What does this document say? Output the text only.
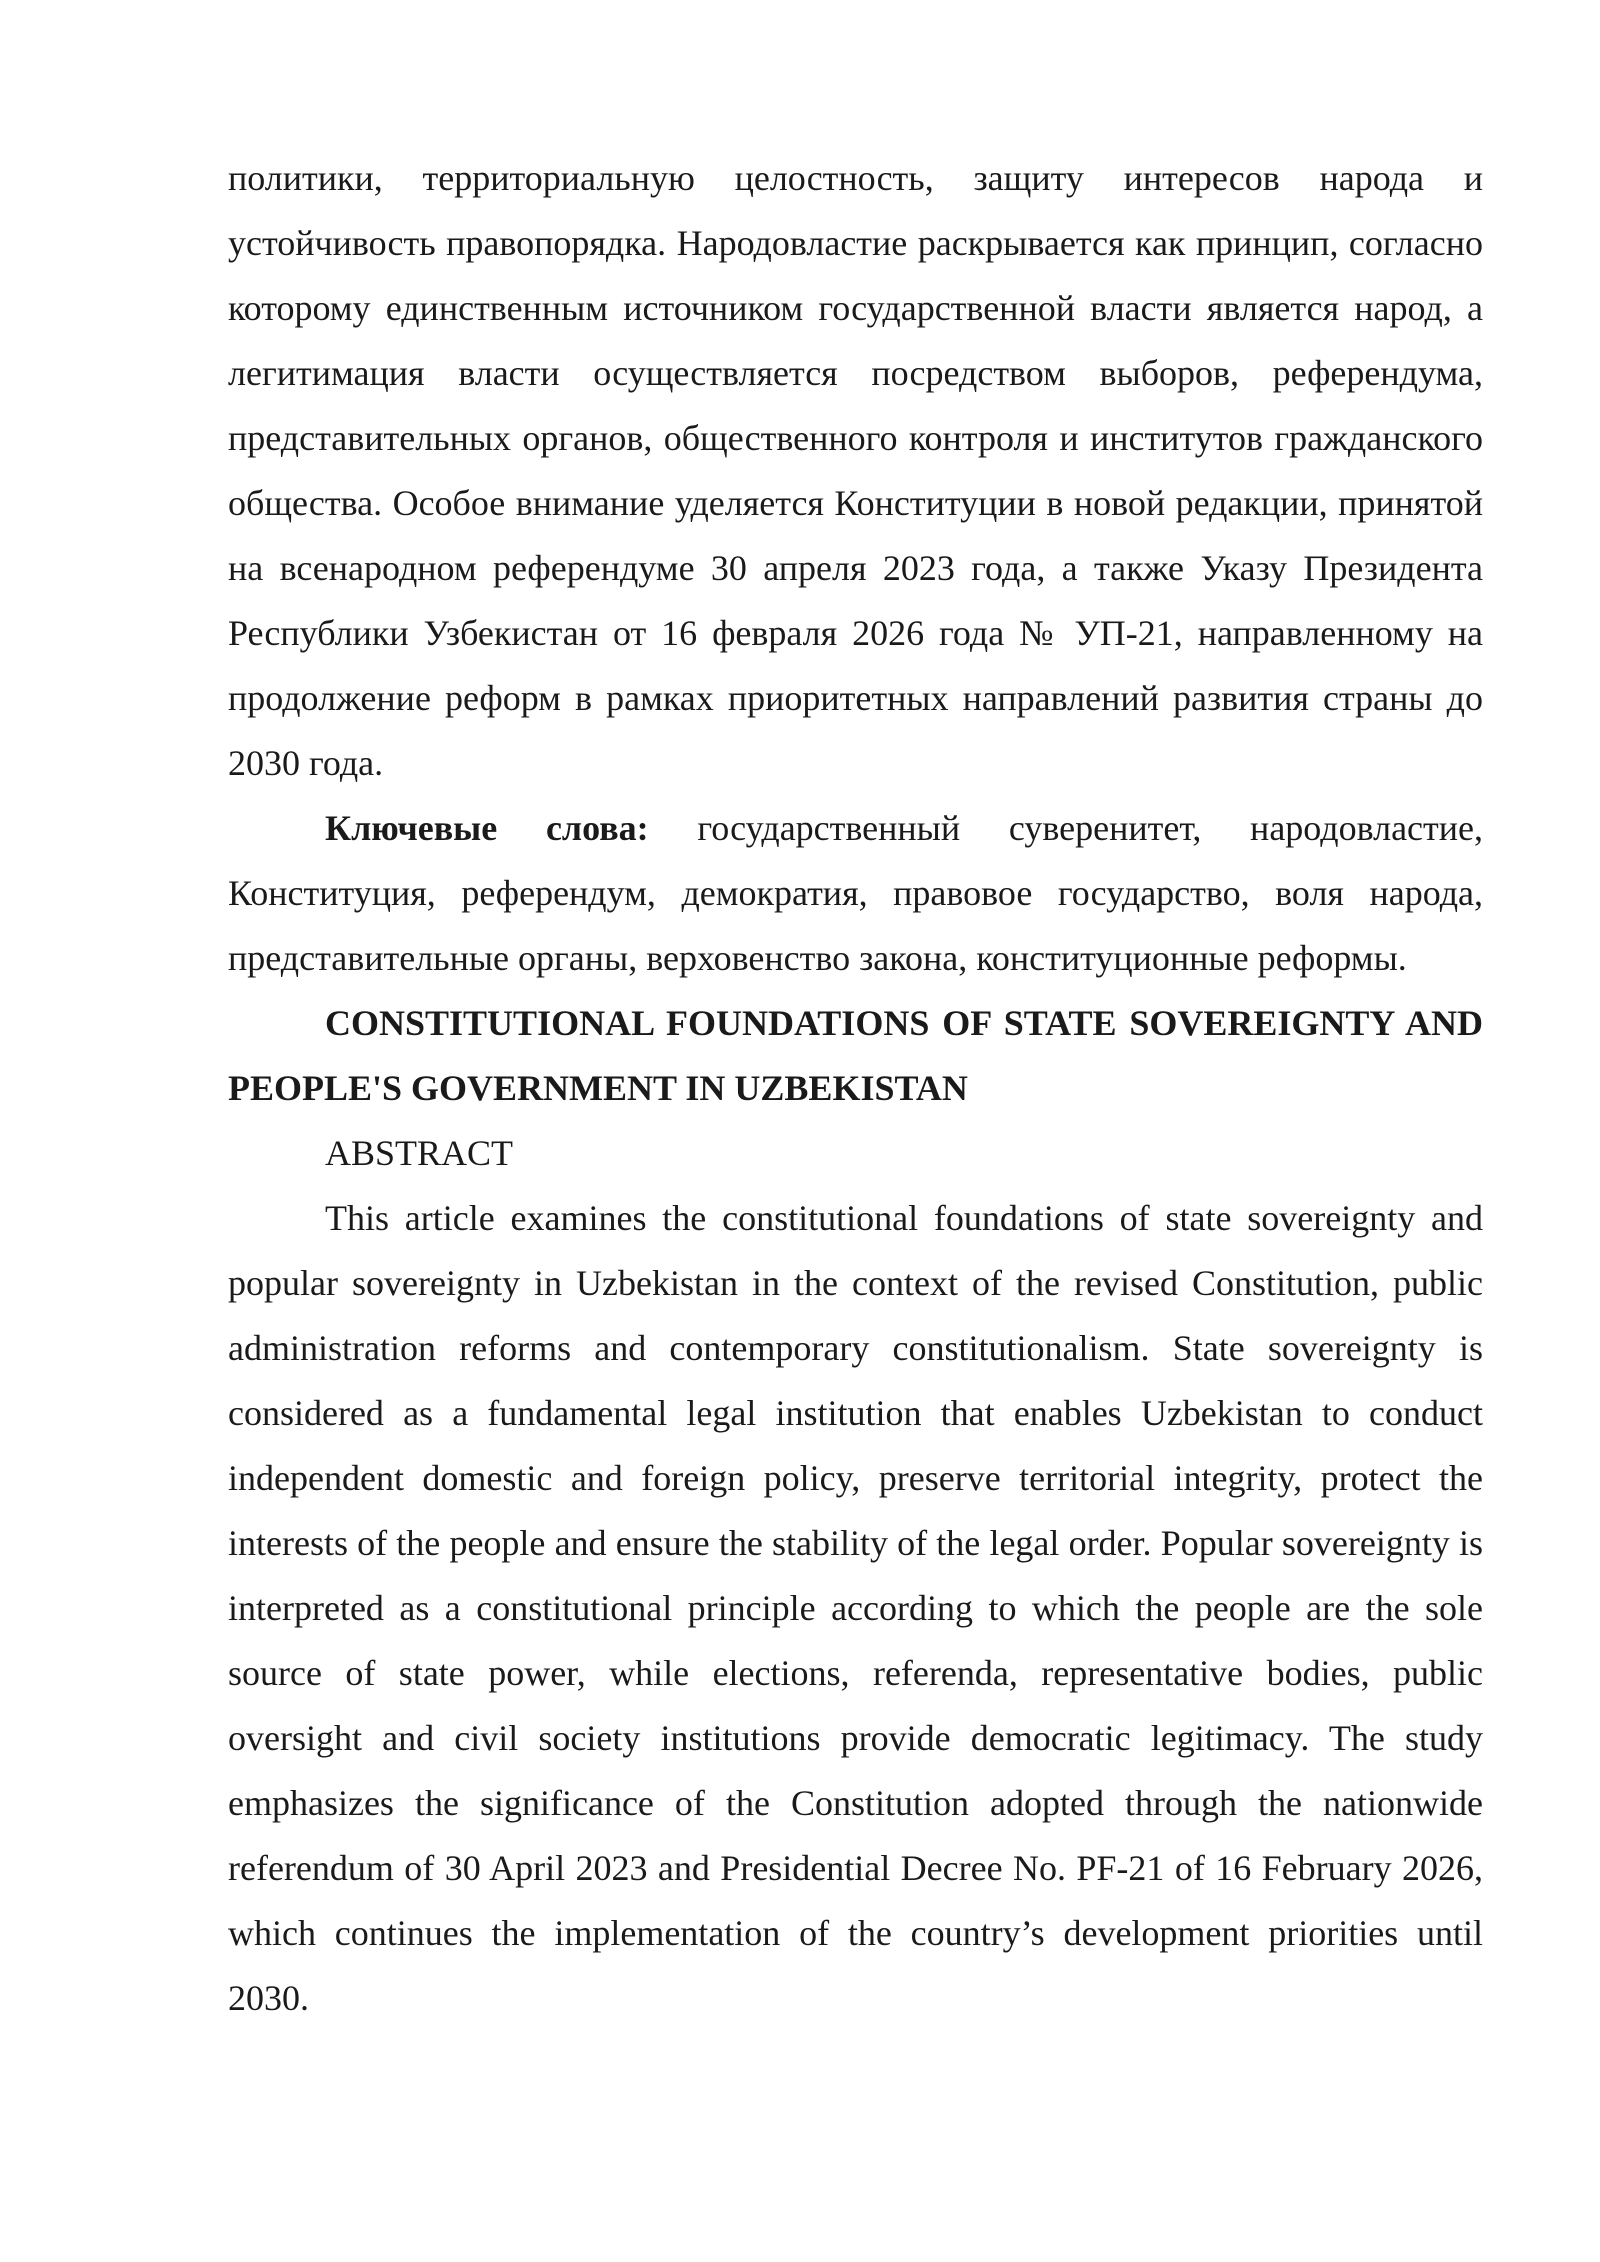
политики, территориальную целостность, защиту интересов народа и устойчивость правопорядка. Народовластие раскрывается как принцип, согласно которому единственным источником государственной власти является народ, а легитимация власти осуществляется посредством выборов, референдума, представительных органов, общественного контроля и институтов гражданского общества. Особое внимание уделяется Конституции в новой редакции, принятой на всенародном референдуме 30 апреля 2023 года, а также Указу Президента Республики Узбекистан от 16 февраля 2026 года № УП-21, направленному на продолжение реформ в рамках приоритетных направлений развития страны до 2030 года.

Ключевые слова: государственный суверенитет, народовластие, Конституция, референдум, демократия, правовое государство, воля народа, представительные органы, верховенство закона, конституционные реформы.

CONSTITUTIONAL FOUNDATIONS OF STATE SOVEREIGNTY AND PEOPLE'S GOVERNMENT IN UZBEKISTAN

ABSTRACT

This article examines the constitutional foundations of state sovereignty and popular sovereignty in Uzbekistan in the context of the revised Constitution, public administration reforms and contemporary constitutionalism. State sovereignty is considered as a fundamental legal institution that enables Uzbekistan to conduct independent domestic and foreign policy, preserve territorial integrity, protect the interests of the people and ensure the stability of the legal order. Popular sovereignty is interpreted as a constitutional principle according to which the people are the sole source of state power, while elections, referenda, representative bodies, public oversight and civil society institutions provide democratic legitimacy. The study emphasizes the significance of the Constitution adopted through the nationwide referendum of 30 April 2023 and Presidential Decree No. PF-21 of 16 February 2026, which continues the implementation of the country’s development priorities until 2030.
